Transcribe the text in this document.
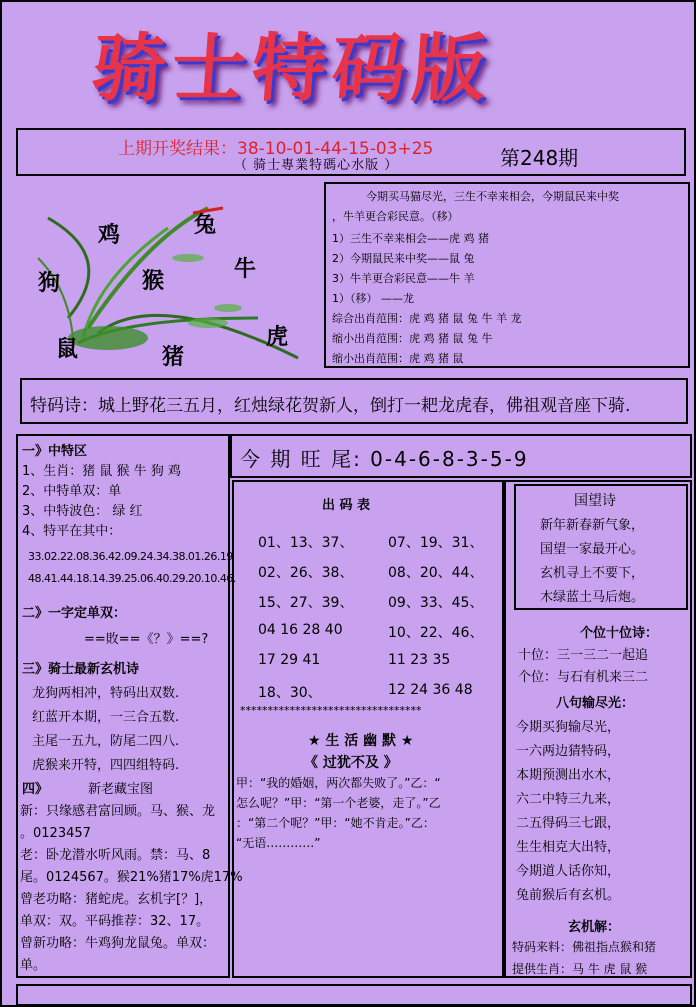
骑士特码版
上期开奖结果：38-10-01-44-15-03+25
（ 骑士專業特碼心水版 ）	第248期
鸡	兔
狗	猴	牛
鼠	猪
虎
今期买马猫尽光，三生不幸来相会，今期鼠民来中奖
，牛羊更合彩民意。（移）
1）三生不幸来相会——虎 鸡 猪
2）今期鼠民来中奖——鼠 兔
3）牛羊更合彩民意——牛 羊
1）（移） ——龙
综合出肖范围：虎 鸡 猪 鼠 兔 牛 羊 龙
缩小出肖范围：虎 鸡 猪 鼠 兔 牛
缩小出肖范围：虎 鸡 猪 鼠
特码诗：城上野花三五月，红烛绿花贺新人，倒打一耙龙虎春，佛祖观音座下骑.
一》中特区
1、生肖：猪 鼠 猴 牛 狗 鸡
2、中特单双：单
3、中特波色： 绿 红
4、特平在其中：
33.02.22.08.36.42.09.24.34.38.01.26.19
48.41.44.18.14.39.25.06.40.29.20.10.46.
二》一字定单双：
==敗==《？》==?
三》骑士最新玄机诗
龙狗两相冲，特码出双数.
红蓝开本期，一三合五数.
主尾一五九，防尾二四八.
虎猴来开特，四四组特码.
四》	新老藏宝图
新：只缘感君富回顾。马、猴、龙
。0123457
老：卧龙潜水听风雨。禁：马、8
尾。0124567。猴21%猪17%虎17%
曾老功略：猪蛇虎。玄机字[？]，
单双：双。平码推荐：32、17。
曾新功略：牛鸡狗龙鼠兔。单双：
单。
今 期 旺 尾: 0-4-6-8-3-5-9
出 码 表
01、13、37、 07、19、31、
02、26、38、 08、20、44、
15、27、39、 09、33、45、
04 16 28 40	10、22、46、
17 29 41	11 23 35
18、30、	12 24 36 48
*********************************
★ 生 活 幽 默 ★
《 过犹不及 》
甲：“我的婚姻，两次都失败了。”乙：“
怎么呢？”甲：“第一个老婆，走了。”乙
：“第二个呢？”甲：“她不肯走。”乙：
“无语…………”
国望诗
新年新春新气象，
国望一家最开心。
玄机寻上不要下，
木绿蓝土马后炮。
个位十位诗：
十位：三一三二一起追
个位：与石有机来三二
八句输尽光：
今期买狗输尽光，
一六两边猜特码，
本期预测出水木，
六二中特三九来，
二五得码三七跟，
生生相克大出特，
今期道人话你知，
兔前猴后有玄机。
玄机解：
特码来料：佛祖指点猴和猪
提供生肖：马 牛 虎 鼠 猴
